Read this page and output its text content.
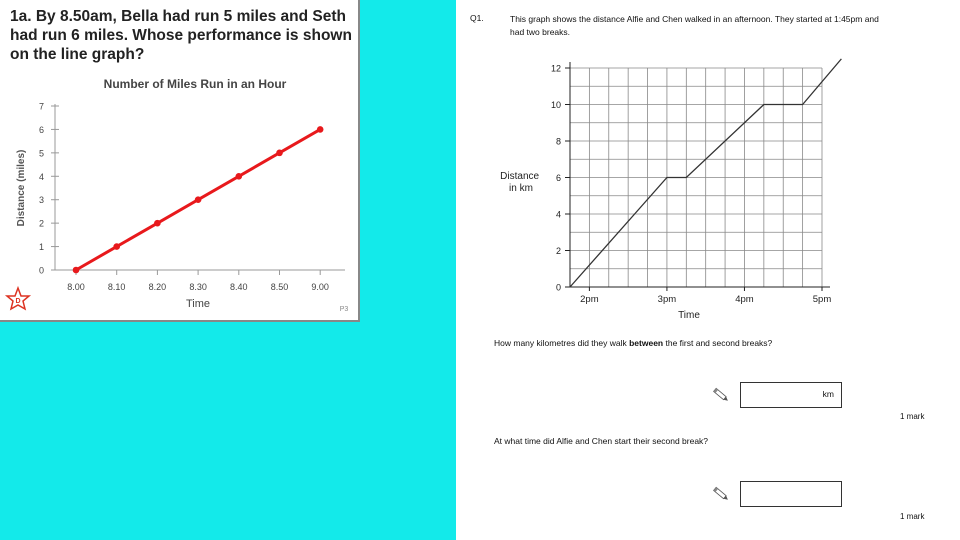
1a. By 8.50am, Bella had run 5 miles and Seth had run 6 miles. Whose performance is shown on the line graph?
Number of Miles Run in an Hour
Distance (miles)
Time
D
P3
0
1
2
3
4
5
6
7
8.00	8.10	8.20	8.30	8.40	8.50	9.00
Q1.	This graph shows the distance Alfie and Chen walked in an afternoon. They started at 1:45pm and had two breaks.
Distance in km
Time
0
2
4
6
8
10
12
2pm	3pm	4pm	5pm
How many kilometres did they walk between the first and second breaks?
km
1 mark
At what time did Alfie and Chen start their second break?
1 mark
